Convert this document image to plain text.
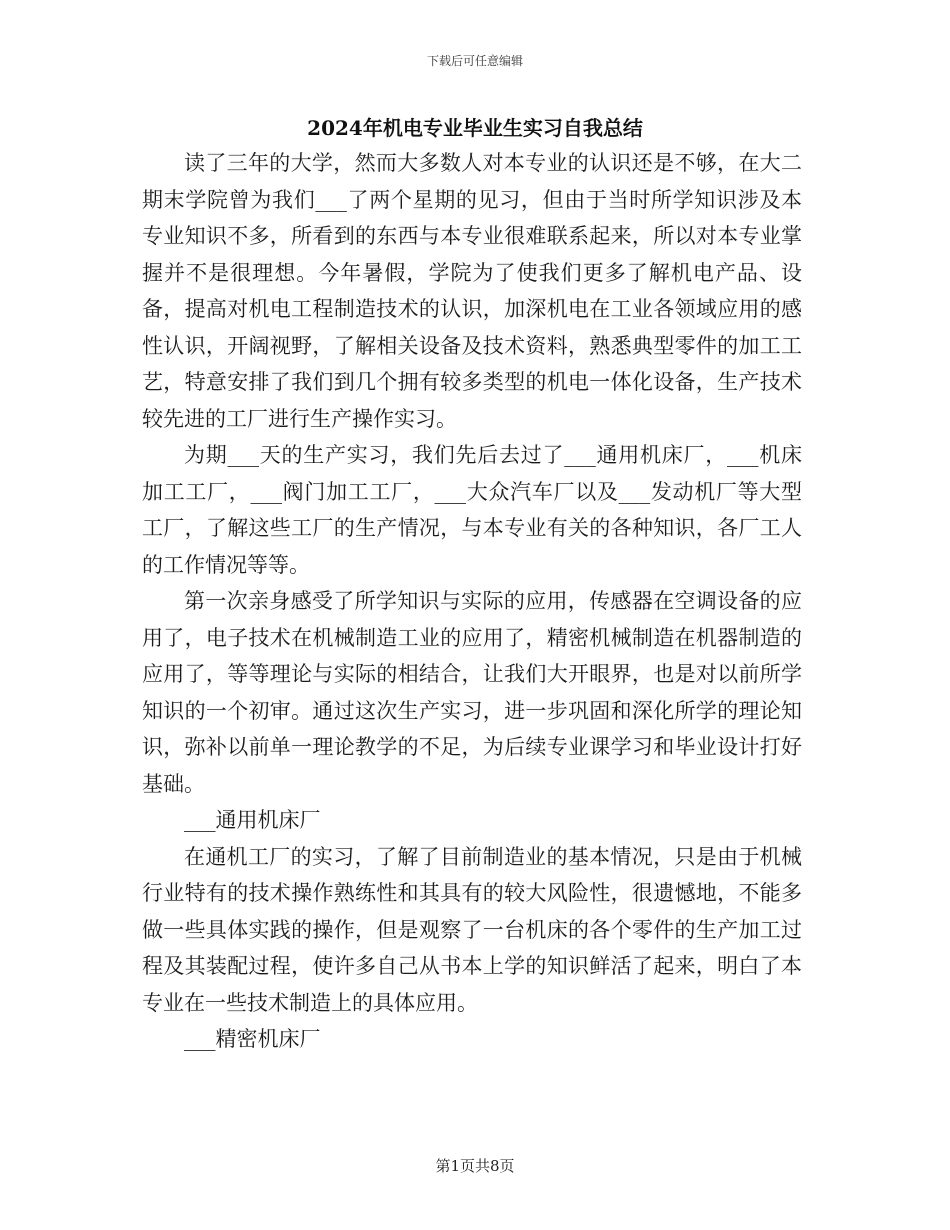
下载后可任意编辑
2024年机电专业毕业生实习自我总结

读了三年的大学，然而大多数人对本专业的认识还是不够，在大二期末学院曾为我们___了两个星期的见习，但由于当时所学知识涉及本专业知识不多，所看到的东西与本专业很难联系起来，所以对本专业掌握并不是很理想。今年暑假，学院为了使我们更多了解机电产品、设备，提高对机电工程制造技术的认识，加深机电在工业各领域应用的感性认识，开阔视野，了解相关设备及技术资料，熟悉典型零件的加工工艺，特意安排了我们到几个拥有较多类型的机电一体化设备，生产技术较先进的工厂进行生产操作实习。

为期___天的生产实习，我们先后去过了___通用机床厂，___机床加工工厂，___阀门加工工厂，___大众汽车厂以及___发动机厂等大型工厂，了解这些工厂的生产情况，与本专业有关的各种知识，各厂工人的工作情况等等。

第一次亲身感受了所学知识与实际的应用，传感器在空调设备的应用了，电子技术在机械制造工业的应用了，精密机械制造在机器制造的应用了，等等理论与实际的相结合，让我们大开眼界，也是对以前所学知识的一个初审。通过这次生产实习，进一步巩固和深化所学的理论知识，弥补以前单一理论教学的不足，为后续专业课学习和毕业设计打好基础。

___通用机床厂

在通机工厂的实习，了解了目前制造业的基本情况，只是由于机械行业特有的技术操作熟练性和其具有的较大风险性，很遗憾地，不能多做一些具体实践的操作，但是观察了一台机床的各个零件的生产加工过程及其装配过程，使许多自己从书本上学的知识鲜活了起来，明白了本专业在一些技术制造上的具体应用。

___精密机床厂

第1页共8页
